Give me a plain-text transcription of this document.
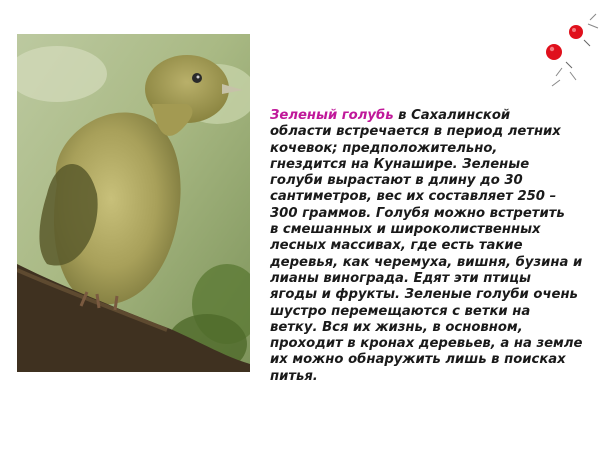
Зеленый голубь в Сахалинской
области встречается в период летних
кочевок; предположительно,
гнездится на Кунашире. Зеленые
голуби вырастают в длину до 30
сантиметров, вес их составляет 250 –
300 граммов. Голубя можно встретить
в смешанных и широколиственных
лесных массивах, где есть такие
деревья, как черемуха, вишня, бузина и
лианы винограда. Едят эти птицы
ягоды и фрукты. Зеленые голуби очень
шустро перемещаются с ветки на
ветку. Вся их жизнь, в основном,
проходит в кронах деревьев, а на земле
их можно обнаружить лишь в поисках
питья.
